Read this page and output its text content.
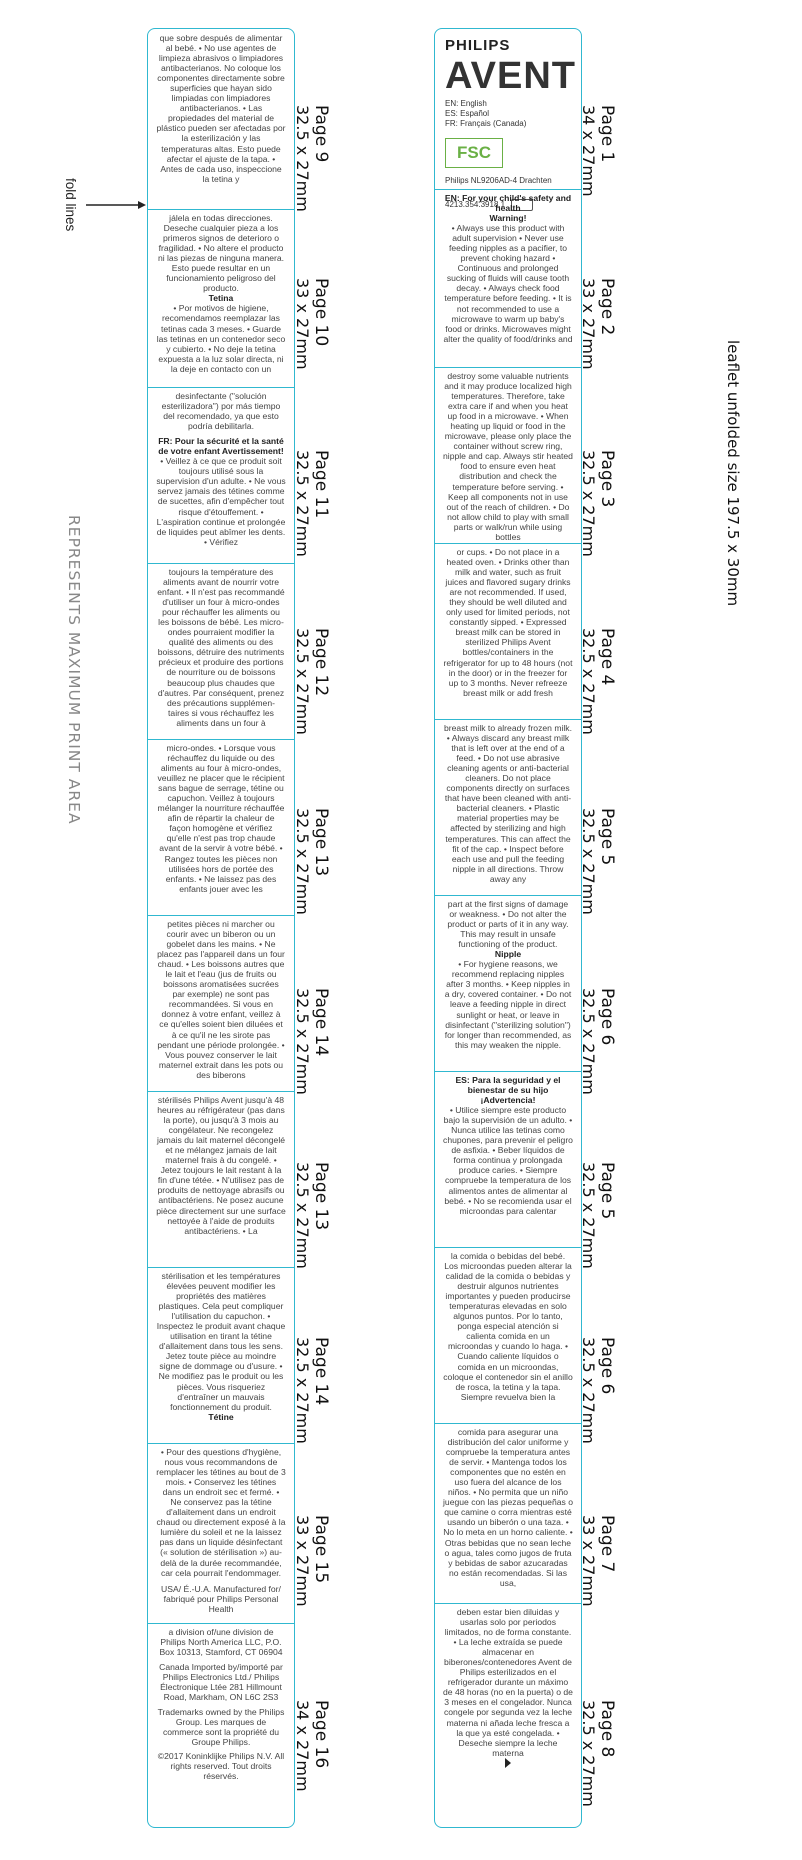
leaflet unfolded size 197.5 x 30mm
REPRESENTS MAXIMUM PRINT AREA
fold lines
PHILIPS
AVENT
EN: English
ES: Español
FR: Français (Canada)
FSC
Philips NL9206AD-4 Drachten
4213.354.3918.1
EN: For your child's safety and health
Warning!
• Always use this product with adult supervision • Never use feeding nipples as a pacifier, to prevent choking hazard • Continuous and prolonged sucking of fluids will cause tooth decay. • Always check food temperature before feeding. • It is not recommended to use a microwave to warm up baby's food or drinks. Microwaves might alter the quality of food/drinks and
destroy some valuable nutrients and it may produce localized high temperatures. Therefore, take extra care if and when you heat up food in a microwave. • When heating up liquid or food in the microwave, please only place the container without screw ring, nipple and cap. Always stir heated food to ensure even heat distribution and check the temperature before serving. • Keep all components not in use out of the reach of children. • Do not allow child to play with small parts or walk/run while using bottles
or cups. • Do not place in a heated oven. • Drinks other than milk and water, such as fruit juices and flavored sugary drinks are not recommended. If used, they should be well diluted and only used for limited periods, not constantly sipped. • Expressed breast milk can be stored in sterilized Philips Avent bottles/containers in the refrigerator for up to 48 hours (not in the door) or in the freezer for up to 3 months. Never refreeze breast milk or add fresh
breast milk to already frozen milk. • Always discard any breast milk that is left over at the end of a feed. • Do not use abrasive cleaning agents or anti-bacterial cleaners. Do not place components directly on surfaces that have been cleaned with anti-bacterial cleaners. • Plastic material properties may be affected by sterilizing and high temperatures. This can affect the fit of the cap. • Inspect before each use and pull the feeding nipple in all directions. Throw away any
part at the first signs of damage or weakness. • Do not alter the product or parts of it in any way. This may result in unsafe functioning of the product.
Nipple
• For hygiene reasons, we recommend replacing nipples after 3 months. • Keep nipples in a dry, covered container. • Do not leave a feeding nipple in direct sunlight or heat, or leave in disinfectant ("sterilizing solution") for longer than recommended, as this may weaken the nipple.
ES: Para la seguridad y el bienestar de su hijo ¡Advertencia!
• Utilice siempre este producto bajo la supervisión de un adulto. • Nunca utilice las tetinas como chupones, para prevenir el peligro de asfixia. • Beber líquidos de forma continua y prolongada produce caries. • Siempre compruebe la temperatura de los alimentos antes de alimentar al bebé. • No se recomienda usar el microondas para calentar
la comida o bebidas del bebé. Los microondas pueden alterar la calidad de la comida o bebidas y destruir algunos nutrientes importantes y pueden producirse temperaturas elevadas en solo algunos puntos. Por lo tanto, ponga especial atención si calienta comida en un microondas y cuando lo haga. • Cuando caliente líquidos o comida en un microondas, coloque el contenedor sin el anillo de rosca, la tetina y la tapa. Siempre revuelva bien la
comida para asegurar una distribución del calor uniforme y compruebe la temperatura antes de servir. • Mantenga todos los componentes que no estén en uso fuera del alcance de los niños. • No permita que un niño juegue con las piezas pequeñas o que camine o corra mientras esté usando un biberón o una taza. • No lo meta en un horno caliente. • Otras bebidas que no sean leche o agua, tales como jugos de fruta y bebidas de sabor azucaradas no están recomendadas. Si las usa,
deben estar bien diluidas y usarlas solo por periodos limitados, no de forma constante. • La leche extraída se puede almacenar en biberones/contenedores Avent de Philips esterilizados en el refrigerador durante un máximo de 48 horas (no en la puerta) o de 3 meses en el congelador. Nunca congele por segunda vez la leche materna ni añada leche fresca a la que ya esté congelada. • Deseche siempre la leche materna
que sobre después de alimentar al bebé. • No use agentes de limpieza abrasivos o limpiadores antibacterianos. No coloque los componentes directamente sobre superficies que hayan sido limpiadas con limpiadores antibacterianos. • Las propiedades del material de plástico pueden ser afectadas por la esterilización y las temperaturas altas. Esto puede afectar el ajuste de la tapa. • Antes de cada uso, inspeccione la tetina y
jálela en todas direcciones. Deseche cualquier pieza a los primeros signos de deterioro o fragilidad. • No altere el producto ni las piezas de ninguna manera. Esto puede resultar en un funcionamiento peligroso del producto.
Tetina
• Por motivos de higiene, recomendamos reemplazar las tetinas cada 3 meses. • Guarde las tetinas en un contenedor seco y cubierto. • No deje la tetina expuesta a la luz solar directa, ni la deje en contacto con un
desinfectante ("solución esterilizadora") por más tiempo del recomendado, ya que esto podría debilitarla.
FR: Pour la sécurité et la santé de votre enfant Avertissement!
• Veillez à ce que ce produit soit toujours utilisé sous la supervision d'un adulte. • Ne vous servez jamais des tétines comme de sucettes, afin d'empêcher tout risque d'étouffement. • L'aspiration continue et prolongée de liquides peut abîmer les dents. • Vérifiez
toujours la température des aliments avant de nourrir votre enfant. • Il n'est pas recommandé d'utiliser un four à micro-ondes pour réchauffer les aliments ou les boissons de bébé. Les micro-ondes pourraient modifier la qualité des aliments ou des boissons, détruire des nutriments précieux et produire des portions de nourriture ou de boissons beaucoup plus chaudes que d'autres. Par conséquent, prenez des précautions supplémen- taires si vous réchauffez les aliments dans un four à
micro-ondes. • Lorsque vous réchauffez du liquide ou des aliments au four à micro-ondes, veuillez ne placer que le récipient sans bague de serrage, tétine ou capuchon. Veillez à toujours mélanger la nourriture réchauffée afin de répartir la chaleur de façon homogène et vérifiez qu'elle n'est pas trop chaude avant de la servir à votre bébé. • Rangez toutes les pièces non utilisées hors de portée des enfants. • Ne laissez pas des enfants jouer avec les
petites pièces ni marcher ou courir avec un biberon ou un gobelet dans les mains. • Ne placez pas l'appareil dans un four chaud. • Les boissons autres que le lait et l'eau (jus de fruits ou boissons aromatisées sucrées par exemple) ne sont pas recommandées. Si vous en donnez à votre enfant, veillez à ce qu'elles soient bien diluées et à ce qu'il ne les sirote pas pendant une période prolongée. • Vous pouvez conserver le lait maternel extrait dans les pots ou des biberons
stérilisés Philips Avent jusqu'à 48 heures au réfrigérateur (pas dans la porte), ou jusqu'à 3 mois au congélateur. Ne recongelez jamais du lait maternel décongelé et ne mélangez jamais de lait maternel frais à du congelé. • Jetez toujours le lait restant à la fin d'une tétée. • N'utilisez pas de produits de nettoyage abrasifs ou antibactériens. Ne posez aucune pièce directement sur une surface nettoyée à l'aide de produits antibactériens. • La
stérilisation et les températures élevées peuvent modifier les propriétés des matières plastiques. Cela peut compliquer l'utilisation du capuchon. • Inspectez le produit avant chaque utilisation en tirant la tétine d'allaitement dans tous les sens. Jetez toute pièce au moindre signe de dommage ou d'usure. • Ne modifiez pas le produit ou les pièces. Vous risqueriez d'entraîner un mauvais fonctionnement du produit.
Tétine
• Pour des questions d'hygiène, nous vous recommandons de remplacer les tétines au bout de 3 mois. • Conservez les tétines dans un endroit sec et fermé. • Ne conservez pas la tétine d'allaitement dans un endroit chaud ou directement exposé à la lumière du soleil et ne la laissez pas dans un liquide désinfectant (« solution de stérilisation ») au-delà de la durée recommandée, car cela pourrait l'endommager.
USA/ É.-U.A. Manufactured for/ fabriqué pour Philips Personal Health
a division of/une division de Philips North America LLC, P.O. Box 10313, Stamford, CT 06904
Canada Imported by/importé par Philips Electronics Ltd./ Philips Électronique Ltée 281 Hillmount Road, Markham, ON L6C 2S3
Trademarks owned by the Philips Group. Les marques de commerce sont la propriété du Groupe Philips.
©2017 Koninklijke Philips N.V. All rights reserved. Tout droits réservés.
Page 1
34 x 27mm
Page 2
33 x 27mm
Page 3
32.5 x 27mm
Page 4
32.5 x 27mm
Page 5
32.5 x 27mm
Page 6
32.5 x 27mm
Page 5
32.5 x 27mm
Page 6
32.5 x 27mm
Page 7
33 x 27mm
Page 8
32.5 x 27mm
Page 9
32.5 x 27mm
Page 10
33 x 27mm
Page 11
32.5 x 27mm
Page 12
32.5 x 27mm
Page 13
32.5 x 27mm
Page 14
32.5 x 27mm
Page 13
32.5 x 27mm
Page 14
32.5 x 27mm
Page 15
33 x 27mm
Page 16
34 x 27mm
